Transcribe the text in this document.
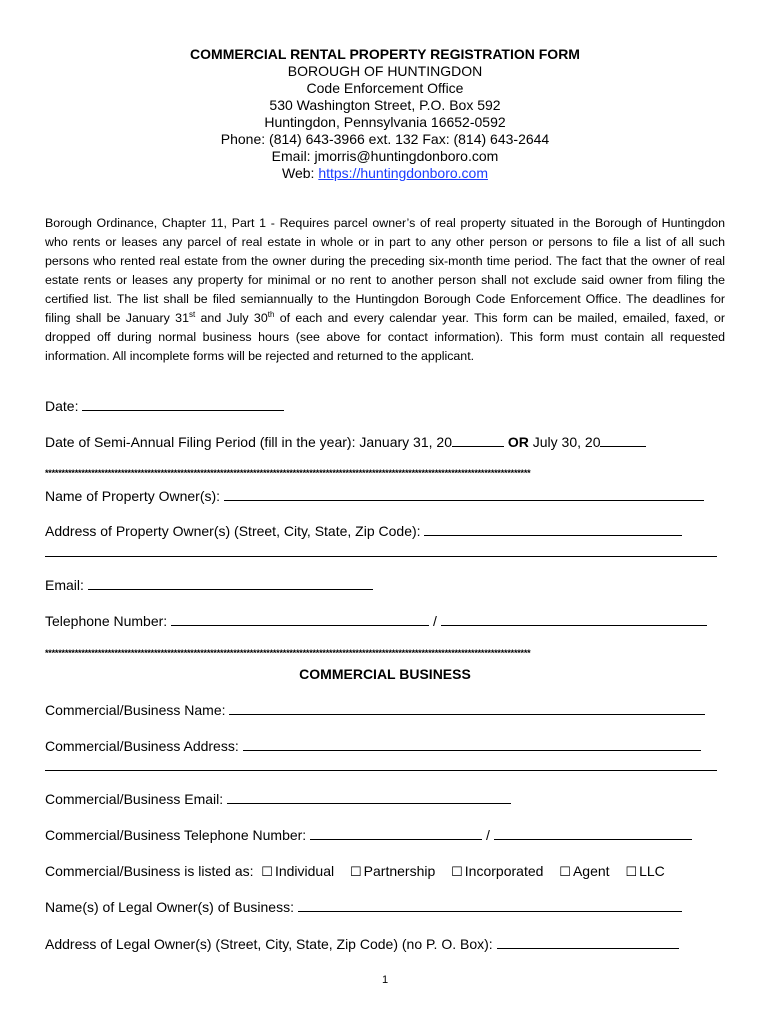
COMMERCIAL RENTAL PROPERTY REGISTRATION FORM
BOROUGH OF HUNTINGDON
Code Enforcement Office
530 Washington Street, P.O. Box 592
Huntingdon, Pennsylvania 16652-0592
Phone: (814) 643-3966 ext. 132 Fax: (814) 643-2644
Email: jmorris@huntingdonboro.com
Web: https://huntingdonboro.com

Borough Ordinance, Chapter 11, Part 1 - Requires parcel owner’s of real property situated in the Borough of Huntingdon who rents or leases any parcel of real estate in whole or in part to any other person or persons to file a list of all such persons who rented real estate from the owner during the preceding six-month time period. The fact that the owner of real estate rents or leases any property for minimal or no rent to another person shall not exclude said owner from filing the certified list. The list shall be filed semiannually to the Huntingdon Borough Code Enforcement Office. The deadlines for filing shall be January 31st and July 30th of each and every calendar year. This form can be mailed, emailed, faxed, or dropped off during normal business hours (see above for contact information). This form must contain all requested information. All incomplete forms will be rejected and returned to the applicant.

Date:
Date of Semi-Annual Filing Period (fill in the year): January 31, 20	OR July 30, 20
***************************************************************************************************************************************************
Name of Property Owner(s):
Address of Property Owner(s) (Street, City, State, Zip Code):
Email:
Telephone Number:	/
***************************************************************************************************************************************************
COMMERCIAL BUSINESS
Commercial/Business Name:
Commercial/Business Address:
Commercial/Business Email:
Commercial/Business Telephone Number:	/
Commercial/Business is listed as: ☐ Individual ☐ Partnership ☐ Incorporated ☐ Agent ☐ LLC
Name(s) of Legal Owner(s) of Business:
Address of Legal Owner(s) (Street, City, State, Zip Code) (no P. O. Box):
1
